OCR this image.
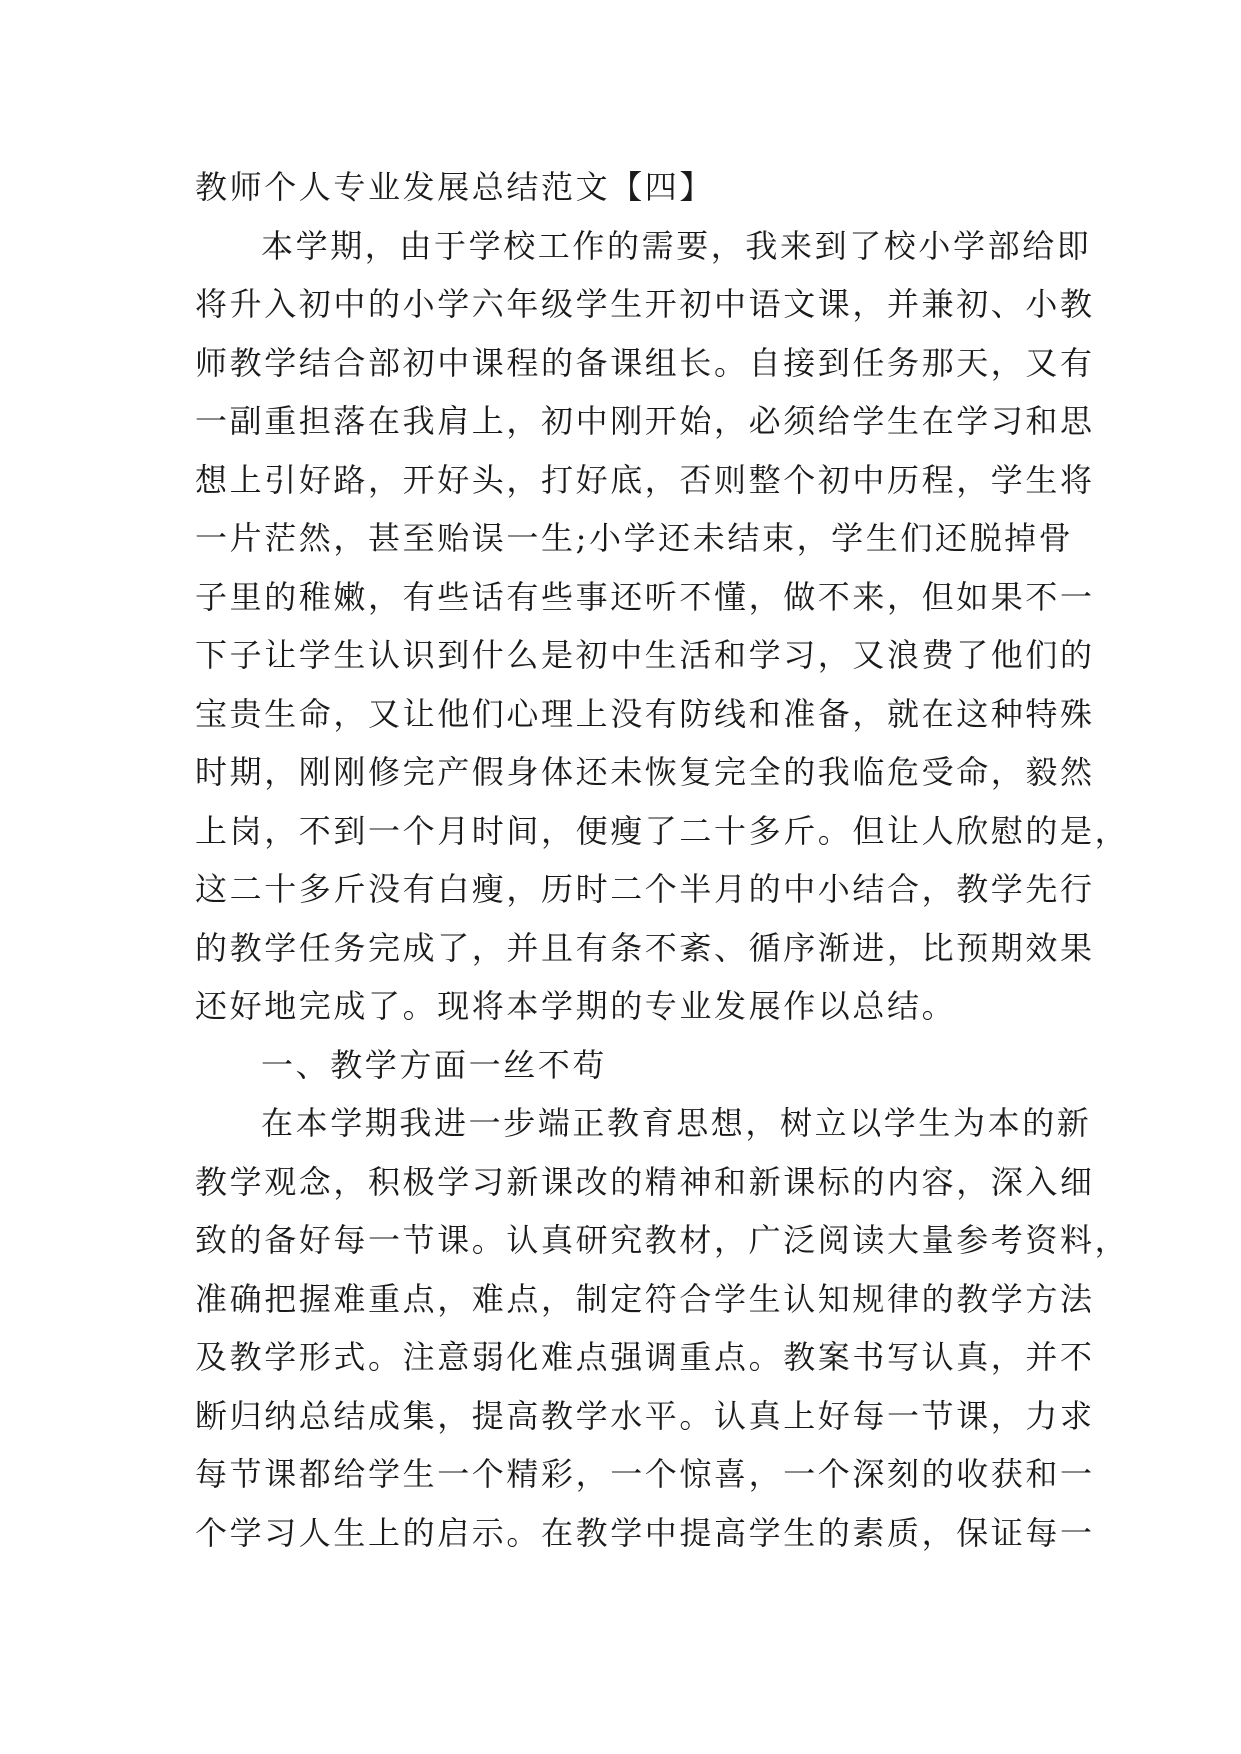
教师个人专业发展总结范文【四】
本学期，由于学校工作的需要，我来到了校小学部给即
将升入初中的小学六年级学生开初中语文课，并兼初、小教
师教学结合部初中课程的备课组长。自接到任务那天，又有
一副重担落在我肩上，初中刚开始，必须给学生在学习和思
想上引好路，开好头，打好底，否则整个初中历程，学生将
一片茫然，甚至贻误一生;小学还未结束，学生们还脱掉骨
子里的稚嫩，有些话有些事还听不懂，做不来，但如果不一
下子让学生认识到什么是初中生活和学习，又浪费了他们的
宝贵生命，又让他们心理上没有防线和准备，就在这种特殊
时期，刚刚修完产假身体还未恢复完全的我临危受命，毅然
上岗，不到一个月时间，便瘦了二十多斤。但让人欣慰的是，
这二十多斤没有白瘦，历时二个半月的中小结合，教学先行
的教学任务完成了，并且有条不紊、循序渐进，比预期效果
还好地完成了。现将本学期的专业发展作以总结。
一、教学方面一丝不苟
在本学期我进一步端正教育思想，树立以学生为本的新
教学观念，积极学习新课改的精神和新课标的内容，深入细
致的备好每一节课。认真研究教材，广泛阅读大量参考资料，
准确把握难重点，难点，制定符合学生认知规律的教学方法
及教学形式。注意弱化难点强调重点。教案书写认真，并不
断归纳总结成集，提高教学水平。认真上好每一节课，力求
每节课都给学生一个精彩，一个惊喜，一个深刻的收获和一
个学习人生上的启示。在教学中提高学生的素质，保证每一
